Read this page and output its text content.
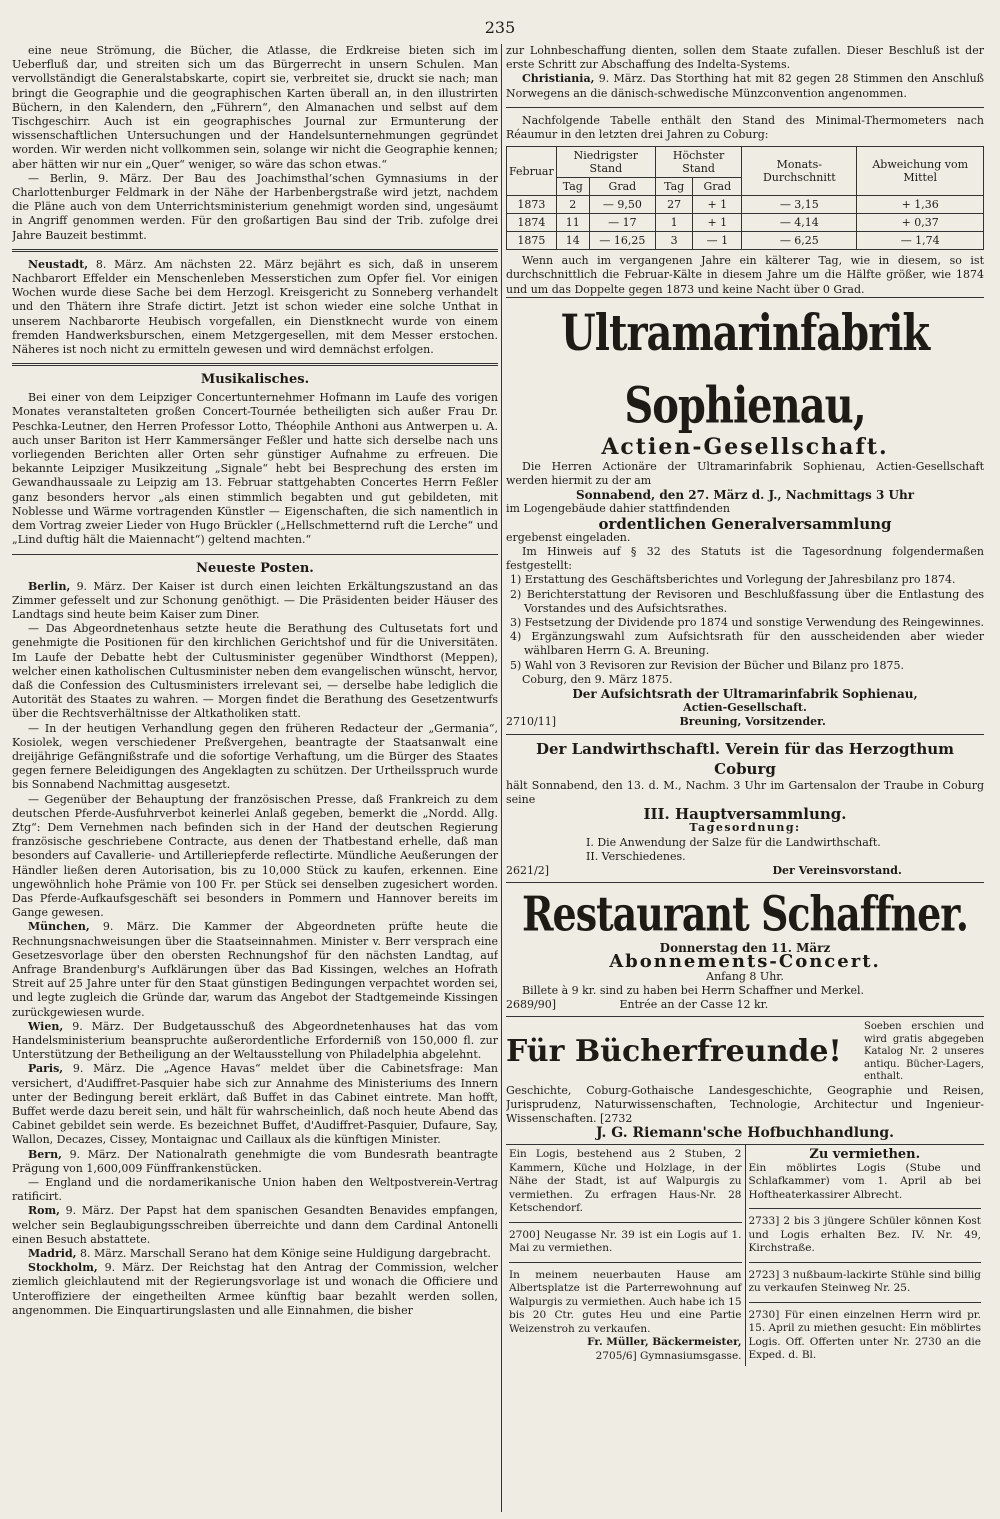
235

eine neue Strömung, die Bücher, die Atlasse, die Erdkreise bieten sich im Ueberfluß dar, und streiten sich um das Bürgerrecht in unsern Schulen. Man vervollständigt die Generalstabskarte, copirt sie, verbreitet sie, druckt sie nach; man bringt die Geographie und die geographischen Karten überall an, in den illustrirten Büchern, in den Kalendern, den „Führern“, den Almanachen und selbst auf dem Tischgeschirr. Auch ist ein geographisches Journal zur Ermunterung der wissenschaftlichen Untersuchungen und der Handelsunternehmungen gegründet worden. Wir werden nicht vollkommen sein, solange wir nicht die Geographie kennen; aber hätten wir nur ein „Quer“ weniger, so wäre das schon etwas.“

— Berlin, 9. März. Der Bau des Joachimsthal’schen Gymnasiums in der Charlottenburger Feldmark in der Nähe der Harbenbergstraße wird jetzt, nachdem die Pläne auch von dem Unterrichtsministerium genehmigt worden sind, ungesäumt in Angriff genommen werden. Für den großartigen Bau sind der Trib. zufolge drei Jahre Bauzeit bestimmt.

Neustadt, 8. März. Am nächsten 22. März bejährt es sich, daß in unserem Nachbarort Effelder ein Menschenleben Messerstichen zum Opfer fiel. Vor einigen Wochen wurde diese Sache bei dem Herzogl. Kreisgericht zu Sonneberg verhandelt und den Thätern ihre Strafe dictirt. Jetzt ist schon wieder eine solche Unthat in unserem Nachbarorte Heubisch vorgefallen, ein Dienstknecht wurde von einem fremden Handwerksburschen, einem Metzgergesellen, mit dem Messer erstochen. Näheres ist noch nicht zu ermitteln gewesen und wird demnächst erfolgen.

Musikalisches.

Bei einer von dem Leipziger Concertunternehmer Hofmann im Laufe des vorigen Monates veranstalteten großen Concert-Tournée betheiligten sich außer Frau Dr. Peschka-Leutner, den Herren Professor Lotto, Théophile Anthoni aus Antwerpen u. A. auch unser Bariton ist Herr Kammersänger Feßler und hatte sich derselbe nach uns vorliegenden Berichten aller Orten sehr günstiger Aufnahme zu erfreuen. Die bekannte Leipziger Musikzeitung „Signale“ hebt bei Besprechung des ersten im Gewandhaussaale zu Leipzig am 13. Februar stattgehabten Concertes Herrn Feßler ganz besonders hervor „als einen stimmlich begabten und gut gebildeten, mit Noblesse und Wärme vortragenden Künstler — Eigenschaften, die sich namentlich in dem Vortrag zweier Lieder von Hugo Brückler („Hellschmetternd ruft die Lerche“ und „Lind duftig hält die Maiennacht“) geltend machten.“

Neueste Posten.

Berlin, 9. März. Der Kaiser ist durch einen leichten Erkältungszustand an das Zimmer gefesselt und zur Schonung genöthigt. — Die Präsidenten beider Häuser des Landtags sind heute beim Kaiser zum Diner.

— Das Abgeordnetenhaus setzte heute die Berathung des Cultusetats fort und genehmigte die Positionen für den kirchlichen Gerichtshof und für die Universitäten. Im Laufe der Debatte hebt der Cultusminister gegenüber Windthorst (Meppen), welcher einen katholischen Cultusminister neben dem evangelischen wünscht, hervor, daß die Confession des Cultusministers irrelevant sei, — derselbe habe lediglich die Autorität des Staates zu wahren. — Morgen findet die Berathung des Gesetzentwurfs über die Rechtsverhältnisse der Altkatholiken statt.

— In der heutigen Verhandlung gegen den früheren Redacteur der „Germania“, Kosiolek, wegen verschiedener Preßvergehen, beantragte der Staatsanwalt eine dreijährige Gefängnißstrafe und die sofortige Verhaftung, um die Bürger des Staates gegen fernere Beleidigungen des Angeklagten zu schützen. Der Urtheilsspruch wurde bis Sonnabend Nachmittag ausgesetzt.

— Gegenüber der Behauptung der französischen Presse, daß Frankreich zu dem deutschen Pferde-Ausfuhrverbot keinerlei Anlaß gegeben, bemerkt die „Nordd. Allg. Ztg“: Dem Vernehmen nach befinden sich in der Hand der deutschen Regierung französische geschriebene Contracte, aus denen der Thatbestand erhelle, daß man besonders auf Cavallerie- und Artilleriepferde reflectirte. Mündliche Aeußerungen der Händler ließen deren Autorisation, bis zu 10,000 Stück zu kaufen, erkennen. Eine ungewöhnlich hohe Prämie von 100 Fr. per Stück sei denselben zugesichert worden. Das Pferde-Aufkaufsgeschäft sei besonders in Pommern und Hannover bereits im Gange gewesen.

München, 9. März. Die Kammer der Abgeordneten prüfte heute die Rechnungsnachweisungen über die Staatseinnahmen. Minister v. Berr versprach eine Gesetzesvorlage über den obersten Rechnungshof für den nächsten Landtag, auf Anfrage Brandenburg's Aufklärungen über das Bad Kissingen, welches an Hofrath Streit auf 25 Jahre unter für den Staat günstigen Bedingungen verpachtet worden sei, und legte zugleich die Gründe dar, warum das Angebot der Stadtgemeinde Kissingen zurückgewiesen wurde.

Wien, 9. März. Der Budgetausschuß des Abgeordnetenhauses hat das vom Handelsministerium beanspruchte außerordentliche Erforderniß von 150,000 fl. zur Unterstützung der Betheiligung an der Weltausstellung von Philadelphia abgelehnt.

Paris, 9. März. Die „Agence Havas“ meldet über die Cabinetsfrage: Man versichert, d'Audiffret-Pasquier habe sich zur Annahme des Ministeriums des Innern unter der Bedingung bereit erklärt, daß Buffet in das Cabinet eintrete. Man hofft, Buffet werde dazu bereit sein, und hält für wahrscheinlich, daß noch heute Abend das Cabinet gebildet sein werde. Es bezeichnet Buffet, d'Audiffret-Pasquier, Dufaure, Say, Wallon, Decazes, Cissey, Montaignac und Caillaux als die künftigen Minister.

Bern, 9. März. Der Nationalrath genehmigte die vom Bundesrath beantragte Prägung von 1,600,009 Fünffrankenstücken.

— England und die nordamerikanische Union haben den Weltpostverein-Vertrag ratificirt.

Rom, 9. März. Der Papst hat dem spanischen Gesandten Benavides empfangen, welcher sein Beglaubigungsschreiben überreichte und dann dem Cardinal Antonelli einen Besuch abstattete.

Madrid, 8. März. Marschall Serano hat dem Könige seine Huldigung dargebracht.

Stockholm, 9. März. Der Reichstag hat den Antrag der Commission, welcher ziemlich gleichlautend mit der Regierungsvorlage ist und wonach die Officiere und Unteroffiziere der eingetheilten Armee künftig baar bezahlt werden sollen, angenommen. Die Einquartirungslasten und alle Einnahmen, die bisher

zur Lohnbeschaffung dienten, sollen dem Staate zufallen. Dieser Beschluß ist der erste Schritt zur Abschaffung des Indelta-Systems.

Christiania, 9. März. Das Storthing hat mit 82 gegen 28 Stimmen den Anschluß Norwegens an die dänisch-schwedische Münzconvention angenommen.

Nachfolgende Tabelle enthält den Stand des Minimal-Thermometers nach Réaumur in den letzten drei Jahren zu Coburg:

Februar	Niedrigster Stand		Höchster Stand		Monats-Durchschnitt	Abweichung vom Mittel
	Tag	Grad	Tag	Grad		
1873	2	— 9,50	27	+ 1	— 3,15	+ 1,36
1874	11	— 17	1	+ 1	— 4,14	+ 0,37
1875	14	— 16,25	3	— 1	— 6,25	— 1,74

Wenn auch im vergangenen Jahre ein kälterer Tag, wie in diesem, so ist durchschnittlich die Februar-Kälte in diesem Jahre um die Hälfte größer, wie 1874 und um das Doppelte gegen 1873 und keine Nacht über 0 Grad.

Ultramarinfabrik Sophienau,
Actien-Gesellschaft.

Die Herren Actionäre der Ultramarinfabrik Sophienau, Actien-Gesellschaft werden hiermit zu der am

Sonnabend, den 27. März d. J., Nachmittags 3 Uhr

im Logengebäude dahier stattfindenden

ordentlichen Generalversammlung

ergebenst eingeladen.

Im Hinweis auf § 32 des Statuts ist die Tagesordnung folgendermaßen festgestellt:

1) Erstattung des Geschäftsberichtes und Vorlegung der Jahresbilanz pro 1874.

2) Berichterstattung der Revisoren und Beschlußfassung über die Entlastung des Vorstandes und des Aufsichtsrathes.

3) Festsetzung der Dividende pro 1874 und sonstige Verwendung des Reingewinnes.

4) Ergänzungswahl zum Aufsichtsrath für den ausscheidenden aber wieder wählbaren Herrn G. A. Breuning.

5) Wahl von 3 Revisoren zur Revision der Bücher und Bilanz pro 1875.

Coburg, den 9. März 1875.

Der Aufsichtsrath der Ultramarinfabrik Sophienau,

Actien-Gesellschaft.

2710/11]	Breuning, Vorsitzender.

Der Landwirthschaftl. Verein für das Herzogthum Coburg

hält Sonnabend, den 13. d. M., Nachm. 3 Uhr im Gartensalon der Traube in Coburg seine

III. Hauptversammlung.

Tagesordnung:

I. Die Anwendung der Salze für die Landwirthschaft.

II. Verschiedenes.

2621/2]	Der Vereinsvorstand.

Restaurant Schaffner.

Donnerstag den 11. März

Abonnements-Concert.

Anfang 8 Uhr.

Billete à 9 kr. sind zu haben bei Herrn Schaffner und Merkel.

2689/90]	Entrée an der Casse 12 kr.

Für Bücherfreunde!

Soeben erschien und wird gratis abgegeben Katalog Nr. 2 unseres antiqu. Bücher-Lagers, enthalt.

Geschichte, Coburg-Gothaische Landesgeschichte, Geographie und Reisen, Jurisprudenz, Naturwissenschaften, Technologie, Architectur und Ingenieur-Wissenschaften. [2732

J. G. Riemann'sche Hofbuchhandlung.

Ein Logis, bestehend aus 2 Stuben, 2 Kammern, Küche und Holzlage, in der Nähe der Stadt, ist auf Walpurgis zu vermiethen. Zu erfragen Haus-Nr. 28 Ketschendorf.

2700] Neugasse Nr. 39 ist ein Logis auf 1. Mai zu vermiethen.

In meinem neuerbauten Hause am Albertsplatze ist die Parterrewohnung auf Walpurgis zu vermiethen. Auch habe ich 15 bis 20 Ctr. gutes Heu und eine Partie Weizenstroh zu verkaufen.

Fr. Müller, Bäckermeister,

2705/6] Gymnasiumsgasse.

Zu vermiethen.

Ein möblirtes Logis (Stube und Schlafkammer) vom 1. April ab bei Hoftheaterkassirer Albrecht.

2733] 2 bis 3 jüngere Schüler können Kost und Logis erhalten Bez. IV. Nr. 49, Kirchstraße.

2723] 3 nußbaum-lackirte Stühle sind billig zu verkaufen Steinweg Nr. 25.

2730] Für einen einzelnen Herrn wird pr. 15. April zu miethen gesucht: Ein möblirtes Logis. Off. Offerten unter Nr. 2730 an die Exped. d. Bl.
